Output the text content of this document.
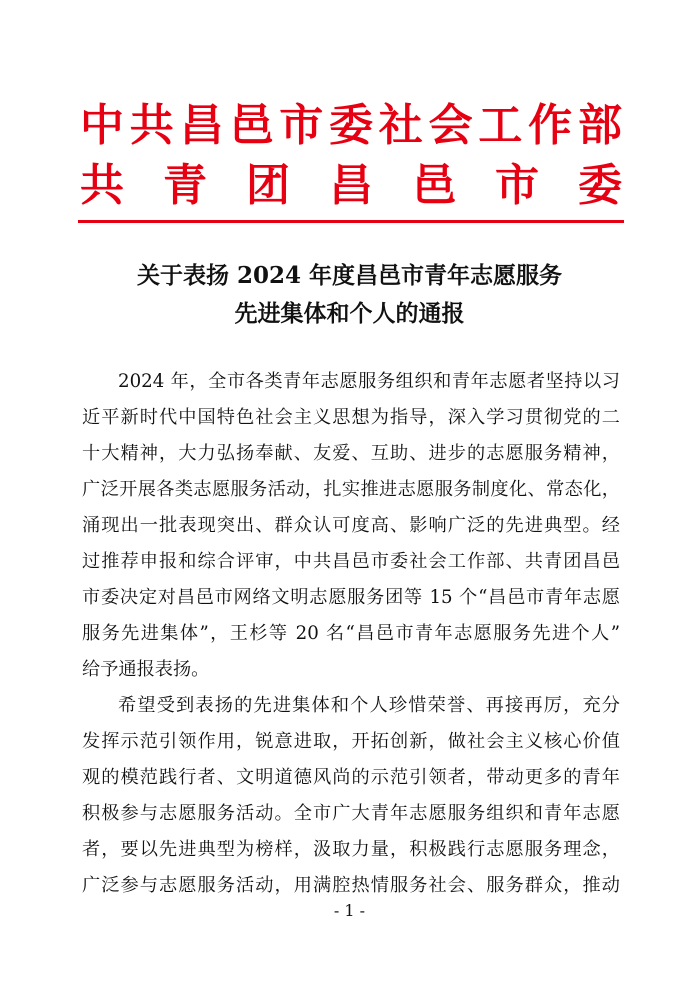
中 共 昌 邑 市 委 社 会 工 作 部
共 青 团 昌 邑 市 委
关于表扬 2024 年度昌邑市青年志愿服务
先进集体和个人的通报
2024 年，全市各类青年志愿服务组织和青年志愿者坚持以习
近平新时代中国特色社会主义思想为指导，深入学习贯彻党的二
十大精神，大力弘扬奉献、友爱、互助、进步的志愿服务精神，
广泛开展各类志愿服务活动，扎实推进志愿服务制度化、常态化，
涌现出一批表现突出、群众认可度高、影响广泛的先进典型。经
过推荐申报和综合评审，中共昌邑市委社会工作部、共青团昌邑
市委决定对昌邑市网络文明志愿服务团等 15 个“昌邑市青年志愿
服务先进集体”，王杉等 20 名“昌邑市青年志愿服务先进个人”
给予通报表扬。
希望受到表扬的先进集体和个人珍惜荣誉、再接再厉，充分
发挥示范引领作用，锐意进取，开拓创新，做社会主义核心价值
观的模范践行者、文明道德风尚的示范引领者，带动更多的青年
积极参与志愿服务活动。全市广大青年志愿服务组织和青年志愿
者，要以先进典型为榜样，汲取力量，积极践行志愿服务理念，
广泛参与志愿服务活动，用满腔热情服务社会、服务群众，推动
- 1 -
